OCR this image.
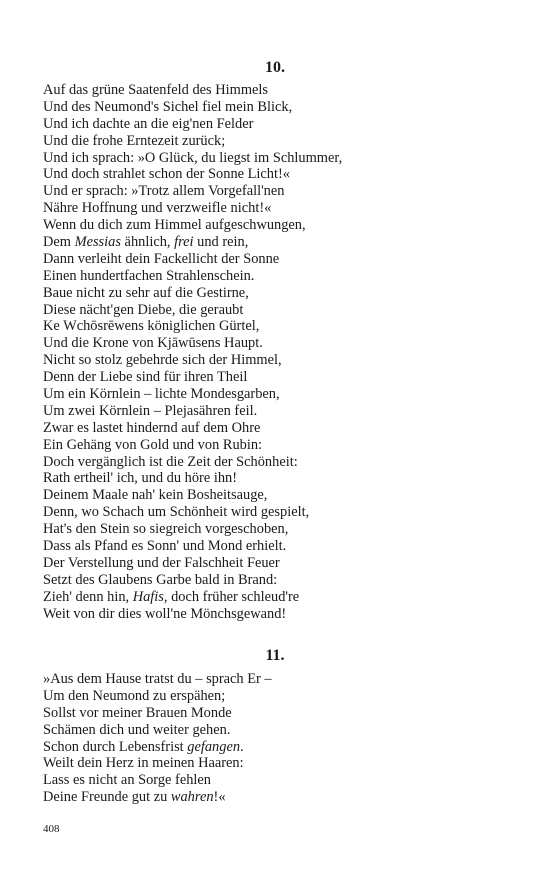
10.
Auf das grüne Saatenfeld des Himmels
Und des Neumond's Sichel fiel mein Blick,
Und ich dachte an die eig'nen Felder
Und die frohe Erntezeit zurück;
Und ich sprach: »O Glück, du liegst im Schlummer,
Und doch strahlet schon der Sonne Licht!«
Und er sprach: »Trotz allem Vorgefall'nen
Nähre Hoffnung und verzweifle nicht!«
Wenn du dich zum Himmel aufgeschwungen,
Dem Messias ähnlich, frei und rein,
Dann verleiht dein Fackellicht der Sonne
Einen hundertfachen Strahlenschein.
Baue nicht zu sehr auf die Gestirne,
Diese nächt'gen Diebe, die geraubt
Ke Wchōsrēwens königlichen Gürtel,
Und die Krone von Kjāwūsens Haupt.
Nicht so stolz gebehrde sich der Himmel,
Denn der Liebe sind für ihren Theil
Um ein Körnlein – lichte Mondesgarben,
Um zwei Körnlein – Plejasähren feil.
Zwar es lastet hindernd auf dem Ohre
Ein Gehäng von Gold und von Rubin:
Doch vergänglich ist die Zeit der Schönheit:
Rath ertheil' ich, und du höre ihn!
Deinem Maale nah' kein Bosheitsauge,
Denn, wo Schach um Schönheit wird gespielt,
Hat's den Stein so siegreich vorgeschoben,
Dass als Pfand es Sonn' und Mond erhielt.
Der Verstellung und der Falschheit Feuer
Setzt des Glaubens Garbe bald in Brand:
Zieh' denn hin, Hafis, doch früher schleud're
Weit von dir dies woll'ne Mönchsgewand!
11.
»Aus dem Hause tratst du – sprach Er –
Um den Neumond zu erspähen;
Sollst vor meiner Brauen Monde
Schämen dich und weiter gehen.
Schon durch Lebensfrist gefangen.
Weilt dein Herz in meinen Haaren:
Lass es nicht an Sorge fehlen
Deine Freunde gut zu wahren!«
408
